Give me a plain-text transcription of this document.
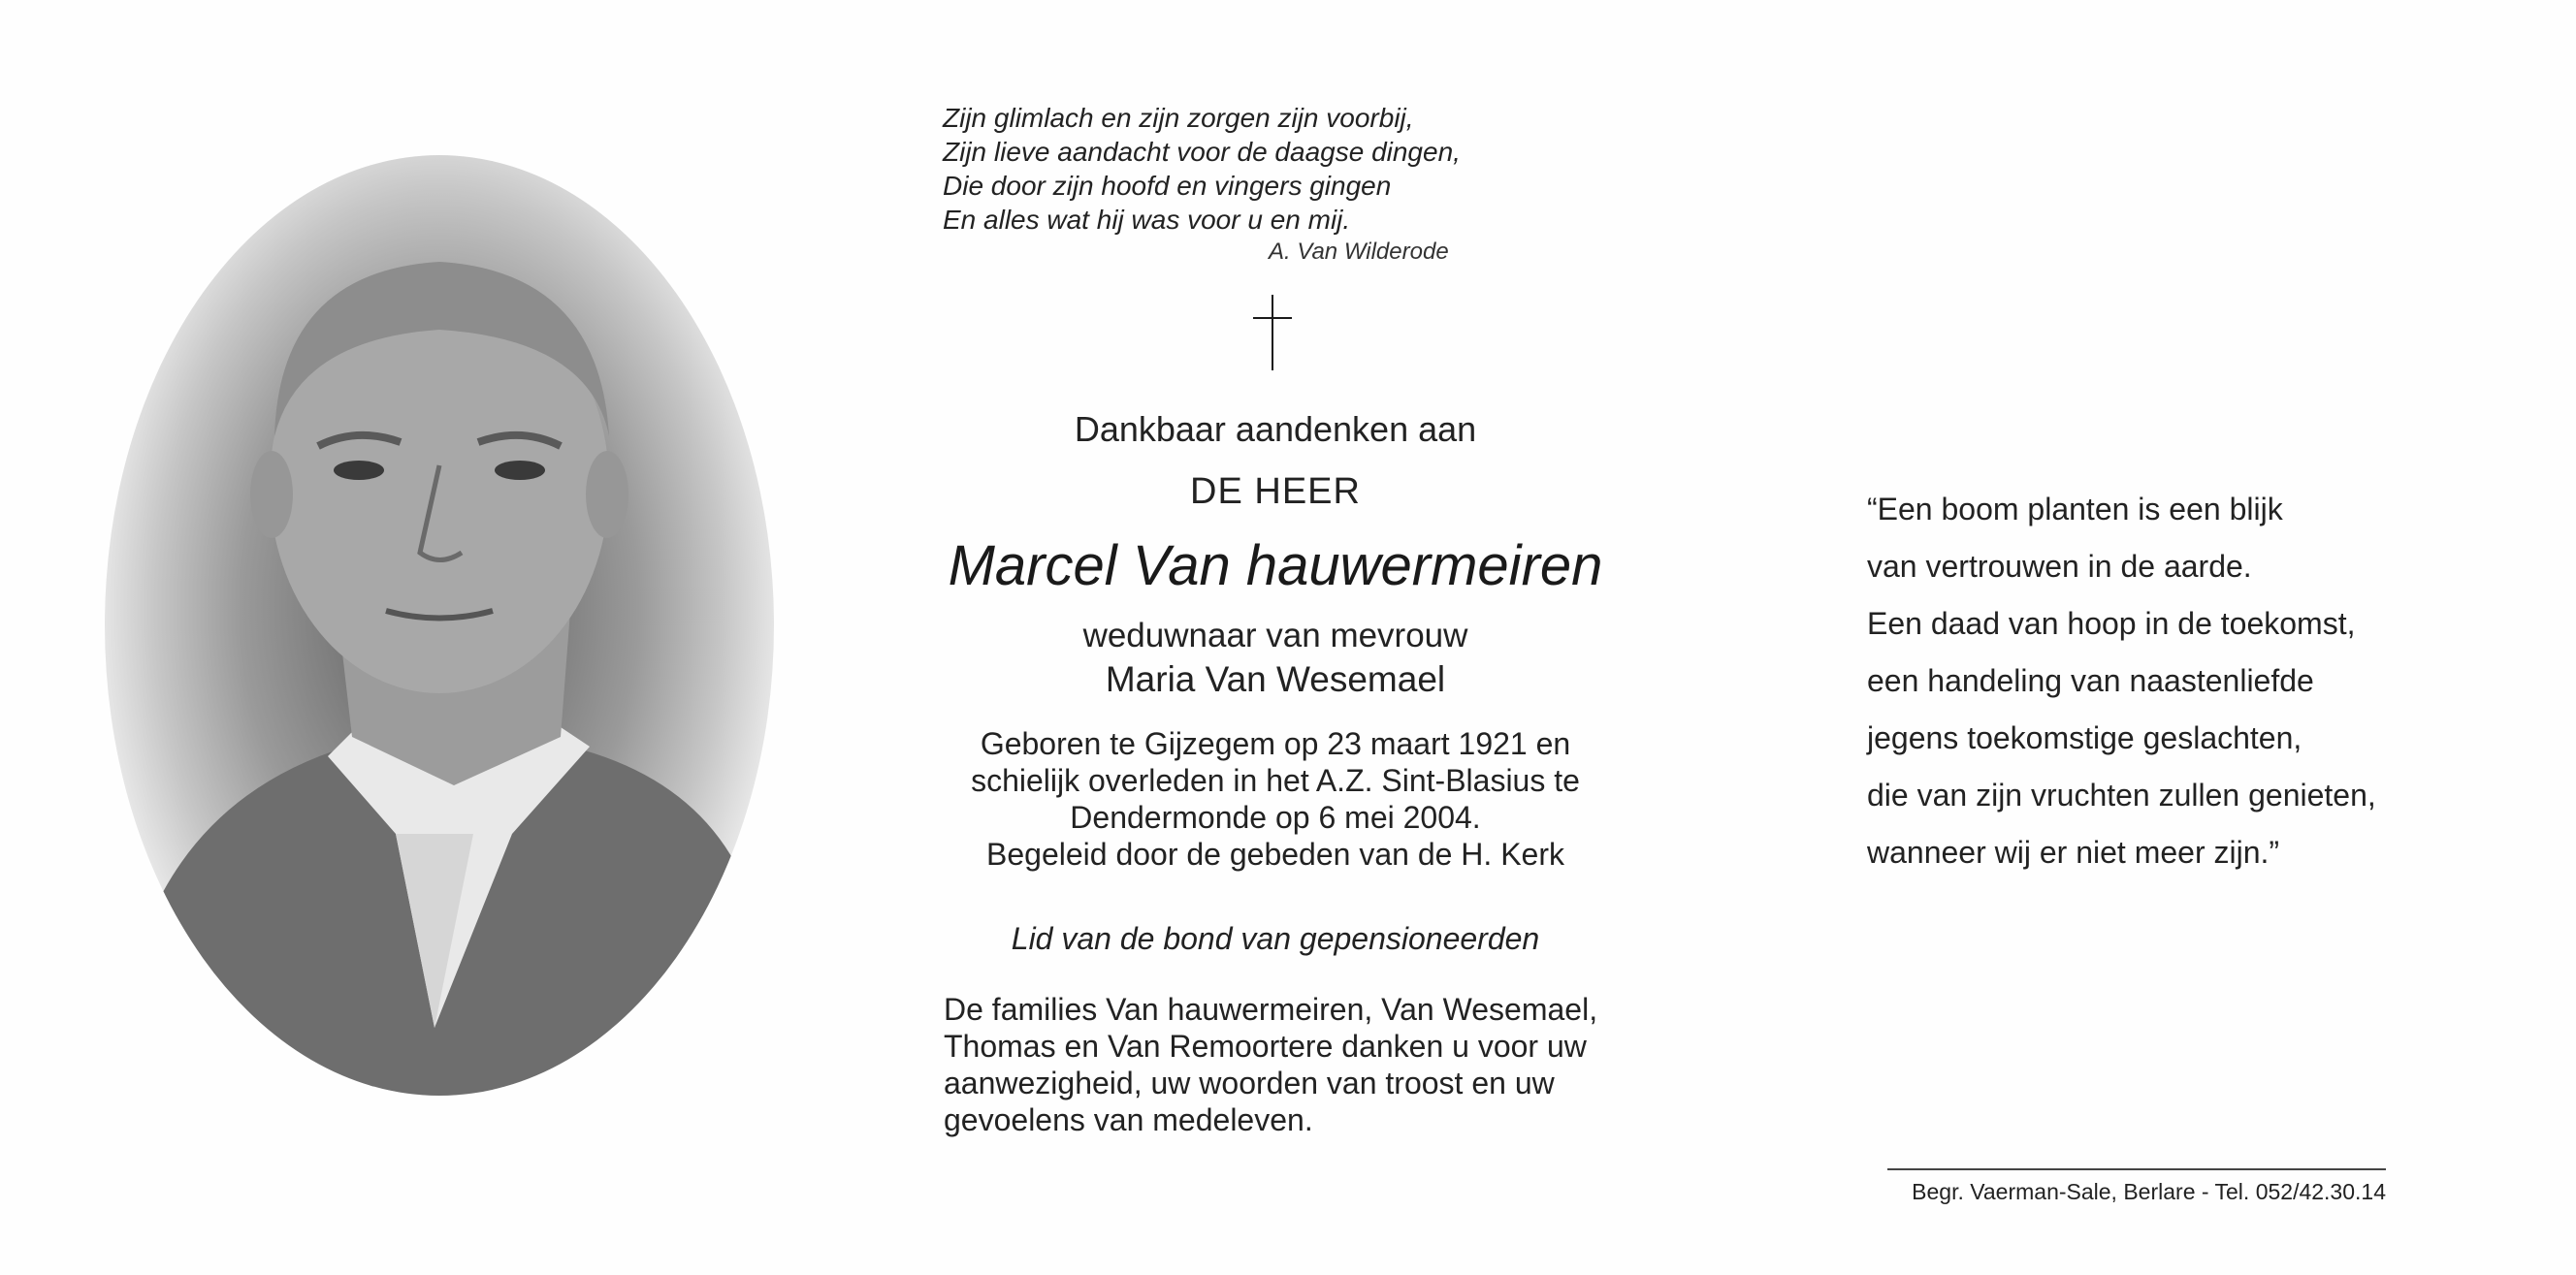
Zijn glimlach en zijn zorgen zijn voorbij,
Zijn lieve aandacht voor de daagse dingen,
Die door zijn hoofd en vingers gingen
En alles wat hij was voor u en mij.
A. Van Wilderode
Dankbaar aandenken aan
DE HEER
Marcel Van hauwermeiren
weduwnaar van mevrouw
Maria Van Wesemael
Geboren te Gijzegem op 23 maart 1921 en
schielijk overleden in het A.Z. Sint-Blasius te
Dendermonde op 6 mei 2004.
Begeleid door de gebeden van de H. Kerk
Lid van de bond van gepensioneerden
De families Van hauwermeiren, Van Wesemael,
Thomas en Van Remoortere danken u voor uw
aanwezigheid, uw woorden van troost en uw
gevoelens van medeleven.
“Een boom planten is een blijk
van vertrouwen in de aarde.
Een daad van hoop in de toekomst,
een handeling van naastenliefde
jegens toekomstige geslachten,
die van zijn vruchten zullen genieten,
wanneer wij er niet meer zijn.”
Begr. Vaerman-Sale, Berlare - Tel. 052/42.30.14
